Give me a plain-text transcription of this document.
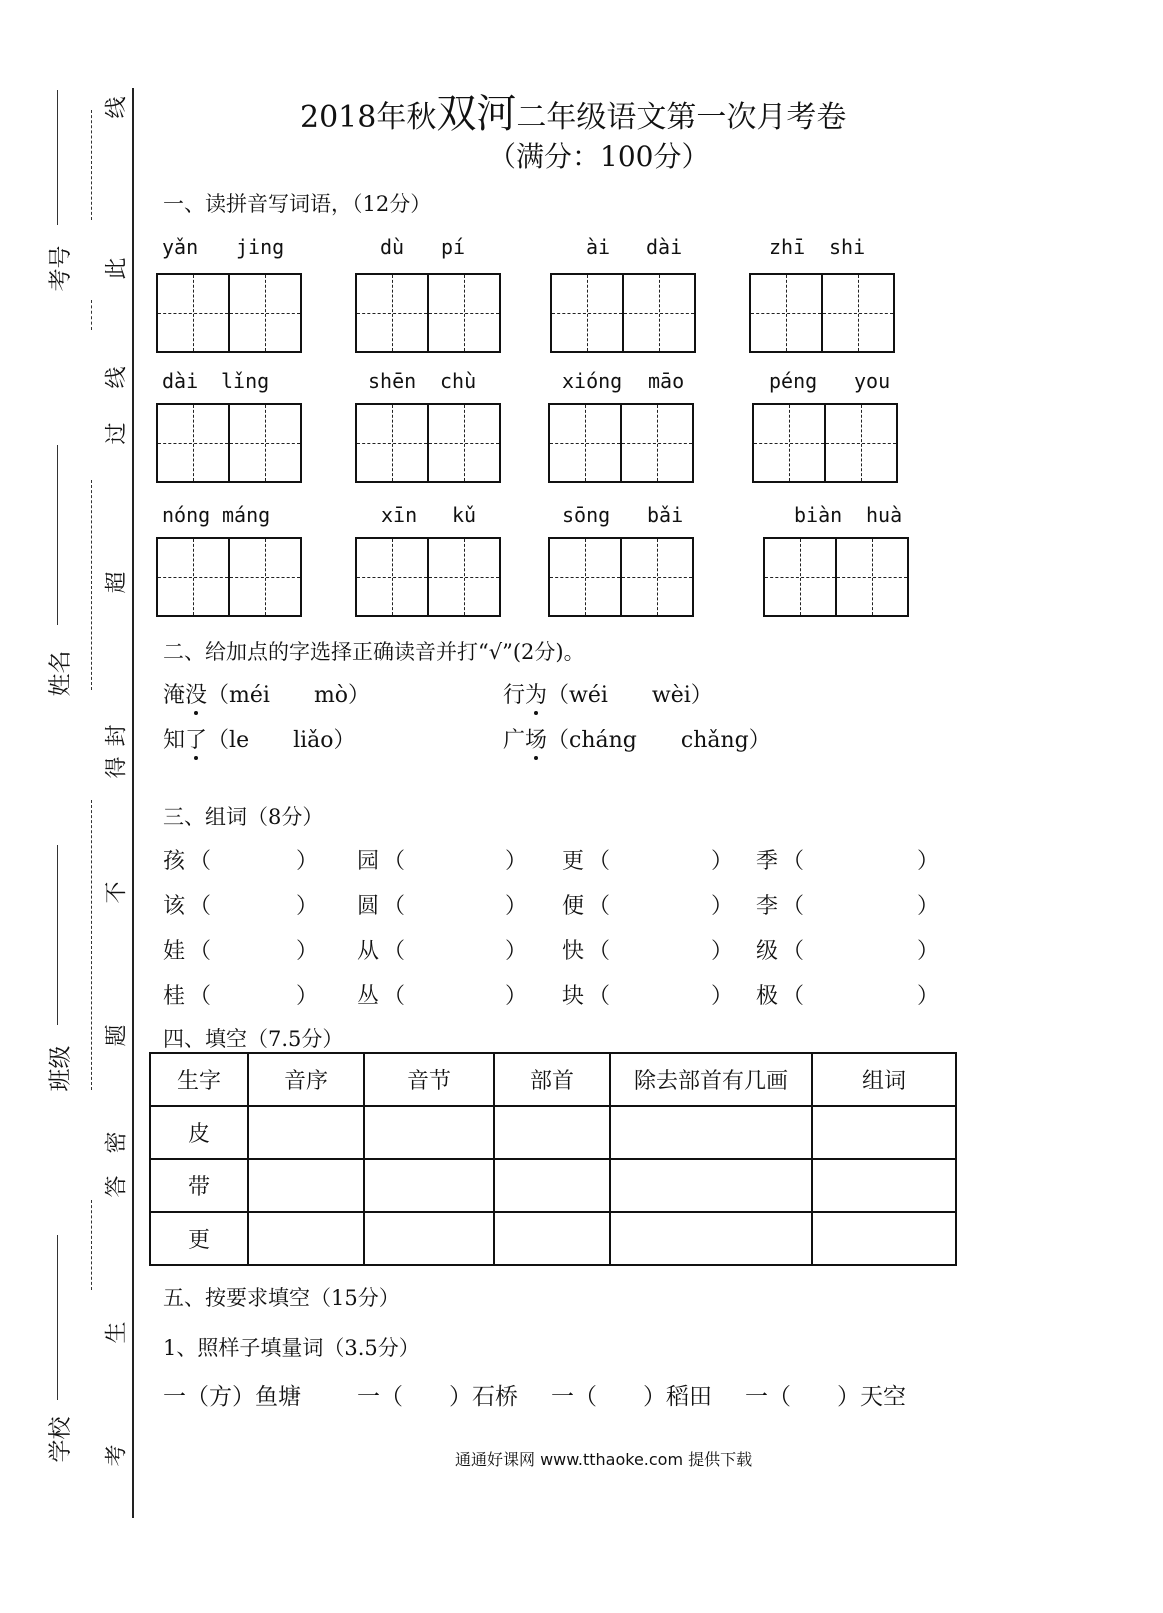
线
此
线
过
超
封
得
不
题
密
答
生
考
考号
姓名
班级
学校
2018年秋双河二年级语文第一次月考卷
（满分：100分）
一、读拼音写词语，（12分）
yǎn jing	dù pí	ài dài	zhī shi
dài lǐng	shēn chù	xióng māo	péng you
nóng máng	xīn kǔ	sōng bǎi	biàn huà
二、给加点的字选择正确读音并打“√”(2分)。
淹没（méi　　mò）	行为（wéi　　wèi）
知了（le　　liǎo）	广场（cháng　　chǎng）
三、组词（8分）
孩 （	） 园 （	） 更 （	） 季 （	）
该 （	） 圆 （	） 便 （	） 李 （	）
娃 （	） 从 （	） 快 （	） 级 （	）
桂 （	） 丛 （	） 块 （	） 极 （	）
四、填空（7.5分）
生字	音序	音节	部首	除去部首有几画	组词
皮					
带					
更					
五、按要求填空（15分）
1、照样子填量词（3.5分）
一（方）鱼塘 一（　　）石桥 一（　　）稻田 一（　　）天空
通通好课网 www.tthaoke.com 提供下载
